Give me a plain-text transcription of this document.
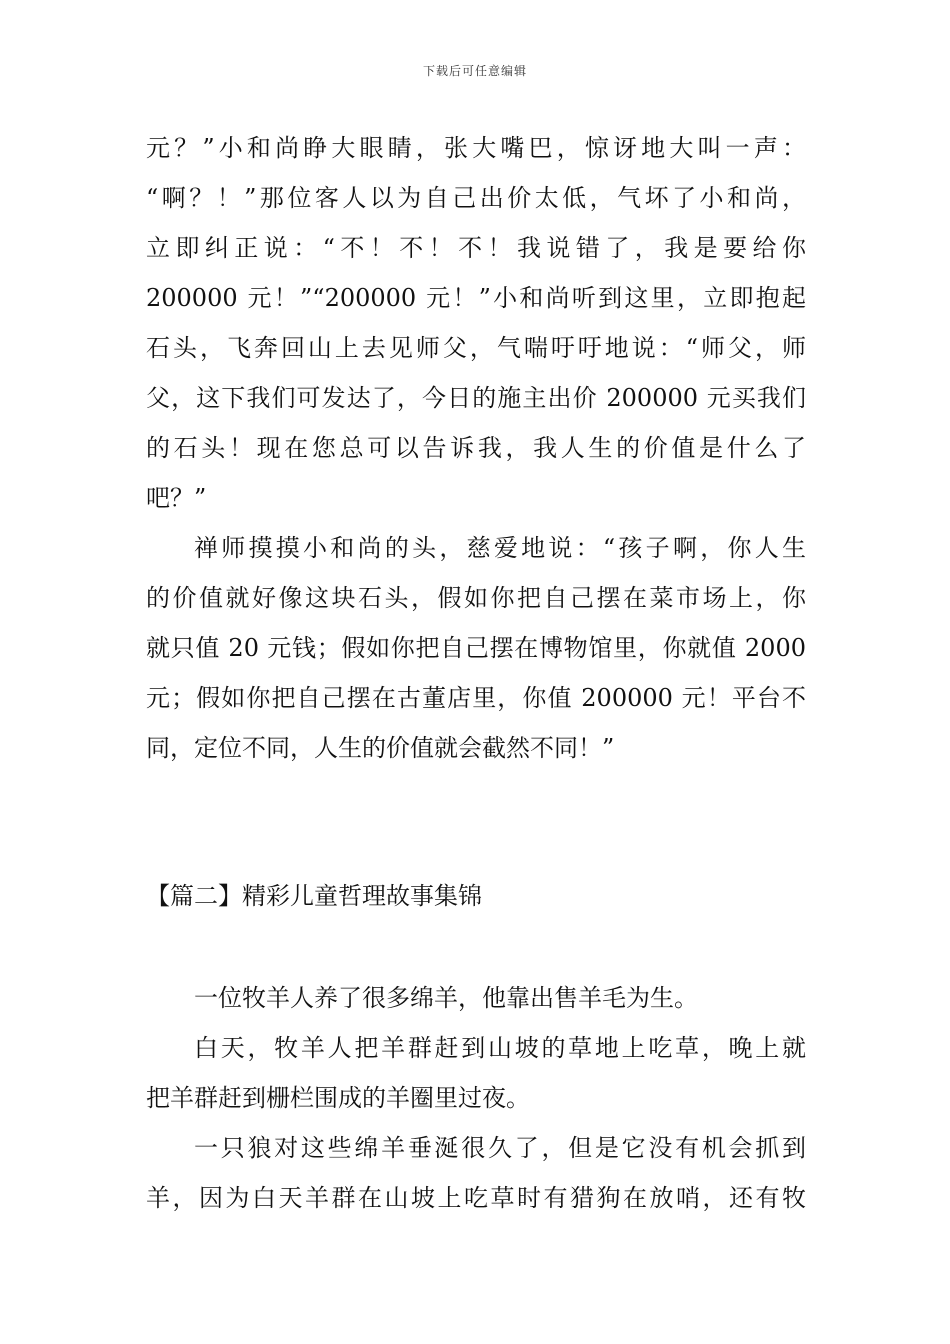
下载后可任意编辑
元？”小和尚睁大眼睛，张大嘴巴，惊讶地大叫一声：
“啊？！”那位客人以为自己出价太低，气坏了小和尚，
立即纠正说：“不！不！不！我说错了，我是要给你
200000 元！”“200000 元！”小和尚听到这里，立即抱起
石头，飞奔回山上去见师父，气喘吁吁地说：“师父，师
父，这下我们可发达了，今日的施主出价 200000 元买我们
的石头！现在您总可以告诉我，我人生的价值是什么了
吧？”
禅师摸摸小和尚的头，慈爱地说：“孩子啊，你人生
的价值就好像这块石头，假如你把自己摆在菜市场上，你
就只值 20 元钱；假如你把自己摆在博物馆里，你就值 2000
元；假如你把自己摆在古董店里，你值 200000 元！平台不
同，定位不同，人生的价值就会截然不同！”
【篇二】精彩儿童哲理故事集锦
一位牧羊人养了很多绵羊，他靠出售羊毛为生。
白天，牧羊人把羊群赶到山坡的草地上吃草，晚上就
把羊群赶到栅栏围成的羊圈里过夜。
一只狼对这些绵羊垂涎很久了，但是它没有机会抓到
羊，因为白天羊群在山坡上吃草时有猎狗在放哨，还有牧
